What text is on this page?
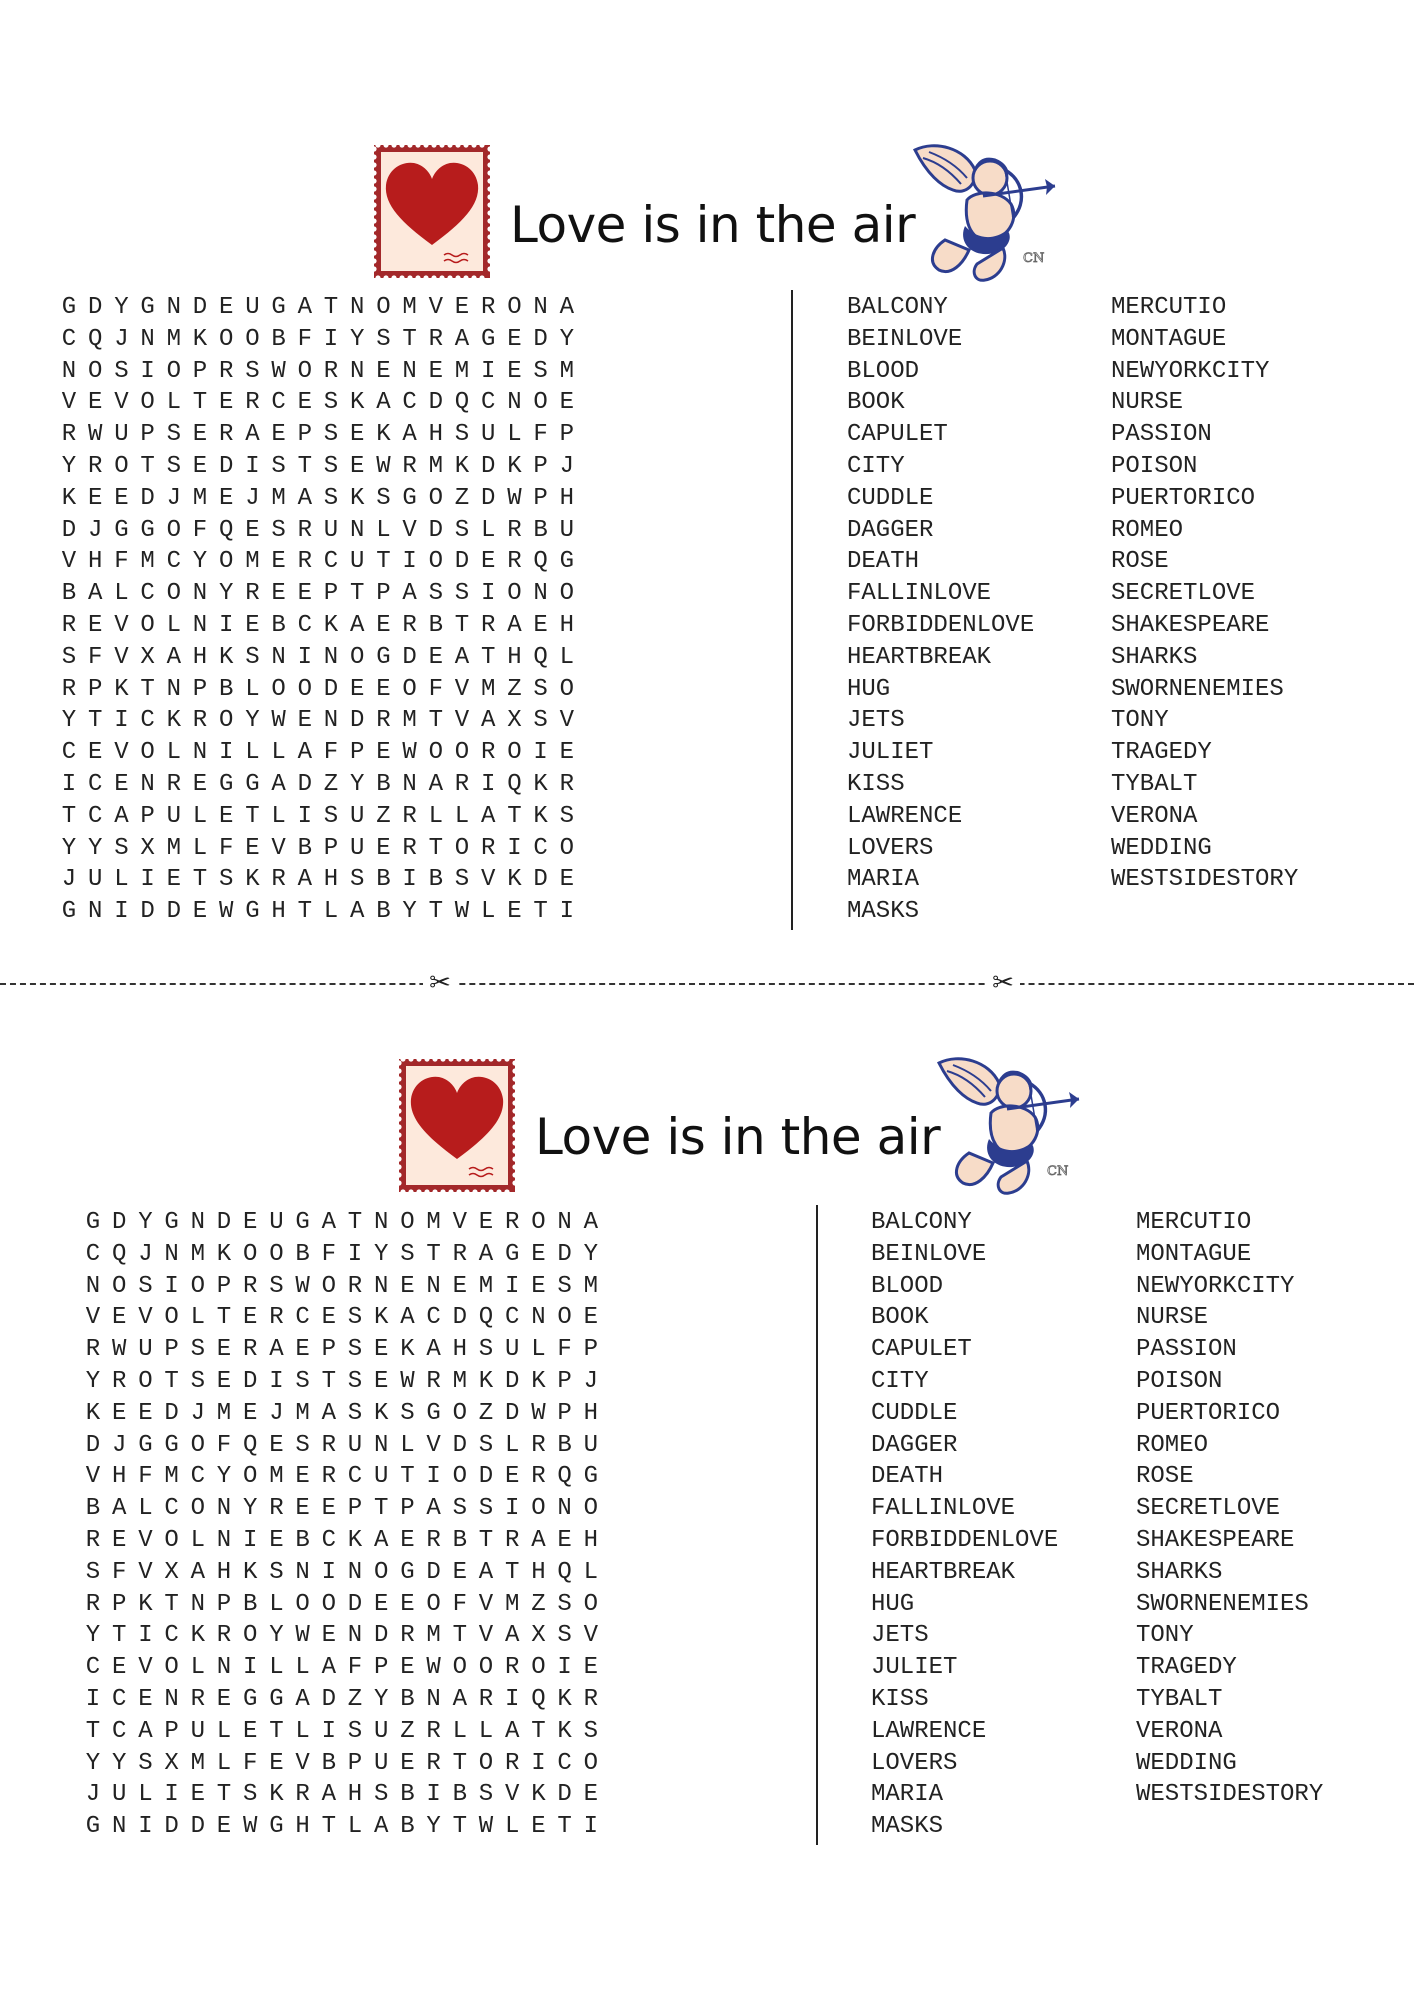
Love is in the air
CN
G D Y G N D E U G A T N O M V E R O N A
C Q J N M K O O B F I Y S T R A G E D Y
N O S I O P R S W O R N E N E M I E S M
V E V O L T E R C E S K A C D Q C N O E
R W U P S E R A E P S E K A H S U L F P
Y R O T S E D I S T S E W R M K D K P J
K E E D J M E J M A S K S G O Z D W P H
D J G G O F Q E S R U N L V D S L R B U
V H F M C Y O M E R C U T I O D E R Q G
B A L C O N Y R E E P T P A S S I O N O
R E V O L N I E B C K A E R B T R A E H
S F V X A H K S N I N O G D E A T H Q L
R P K T N P B L O O D E E O F V M Z S O
Y T I C K R O Y W E N D R M T V A X S V
C E V O L N I L L A F P E W O O R O I E
I C E N R E G G A D Z Y B N A R I Q K R
T C A P U L E T L I S U Z R L L A T K S
Y Y S X M L F E V B P U E R T O R I C O
J U L I E T S K R A H S B I B S V K D E
G N I D D E W G H T L A B Y T W L E T I
BALCONY
BEINLOVE
BLOOD
BOOK
CAPULET
CITY
CUDDLE
DAGGER
DEATH
FALLINLOVE
FORBIDDENLOVE
HEARTBREAK
HUG
JETS
JULIET
KISS
LAWRENCE
LOVERS
MARIA
MASKS
MERCUTIO
MONTAGUE
NEWYORKCITY
NURSE
PASSION
POISON
PUERTORICO
ROMEO
ROSE
SECRETLOVE
SHAKESPEARE
SHARKS
SWORNENEMIES
TONY
TRAGEDY
TYBALT
VERONA
WEDDING
WESTSIDESTORY
✂	✂
Love is in the air
CN
G D Y G N D E U G A T N O M V E R O N A
C Q J N M K O O B F I Y S T R A G E D Y
N O S I O P R S W O R N E N E M I E S M
V E V O L T E R C E S K A C D Q C N O E
R W U P S E R A E P S E K A H S U L F P
Y R O T S E D I S T S E W R M K D K P J
K E E D J M E J M A S K S G O Z D W P H
D J G G O F Q E S R U N L V D S L R B U
V H F M C Y O M E R C U T I O D E R Q G
B A L C O N Y R E E P T P A S S I O N O
R E V O L N I E B C K A E R B T R A E H
S F V X A H K S N I N O G D E A T H Q L
R P K T N P B L O O D E E O F V M Z S O
Y T I C K R O Y W E N D R M T V A X S V
C E V O L N I L L A F P E W O O R O I E
I C E N R E G G A D Z Y B N A R I Q K R
T C A P U L E T L I S U Z R L L A T K S
Y Y S X M L F E V B P U E R T O R I C O
J U L I E T S K R A H S B I B S V K D E
G N I D D E W G H T L A B Y T W L E T I
BALCONY
BEINLOVE
BLOOD
BOOK
CAPULET
CITY
CUDDLE
DAGGER
DEATH
FALLINLOVE
FORBIDDENLOVE
HEARTBREAK
HUG
JETS
JULIET
KISS
LAWRENCE
LOVERS
MARIA
MASKS
MERCUTIO
MONTAGUE
NEWYORKCITY
NURSE
PASSION
POISON
PUERTORICO
ROMEO
ROSE
SECRETLOVE
SHAKESPEARE
SHARKS
SWORNENEMIES
TONY
TRAGEDY
TYBALT
VERONA
WEDDING
WESTSIDESTORY
